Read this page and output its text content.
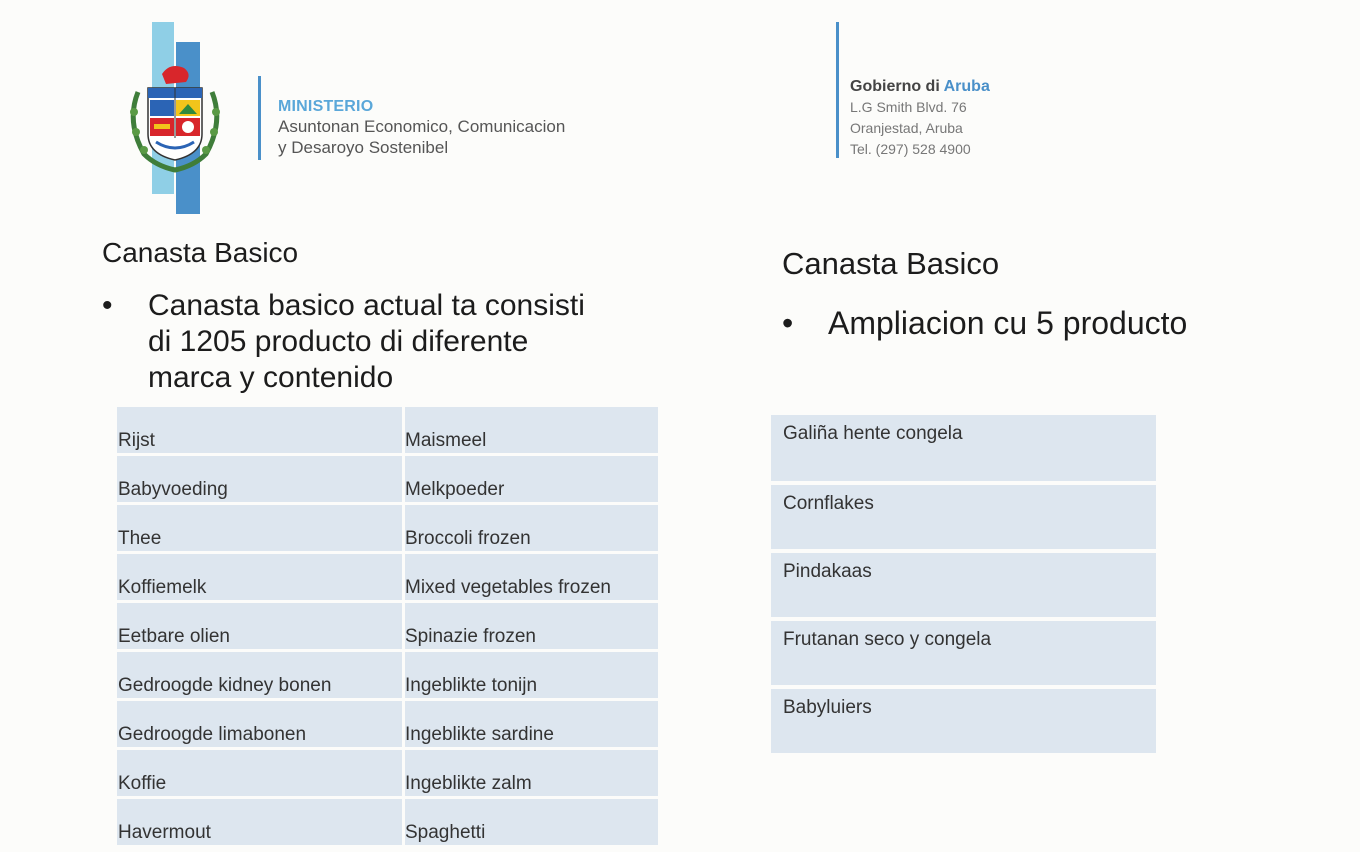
MINISTERIO
Asuntonan Economico, Comunicacion
y Desaroyo Sostenibel
Gobierno di Aruba
L.G Smith Blvd. 76
Oranjestad, Aruba
Tel. (297) 528 4900
Canasta Basico
•	Canasta basico actual ta consisti
di 1205 producto di diferente
marca y contenido
Rijst	Maismeel
Babyvoeding	Melkpoeder
Thee	Broccoli frozen
Koffiemelk	Mixed vegetables frozen
Eetbare olien	Spinazie frozen
Gedroogde kidney bonen	Ingeblikte tonijn
Gedroogde limabonen	Ingeblikte sardine
Koffie	Ingeblikte zalm
Havermout	Spaghetti
Canasta Basico
•	Ampliacion cu 5 producto
Galiña hente congela
Cornflakes
Pindakaas
Frutanan seco y congela
Babyluiers
